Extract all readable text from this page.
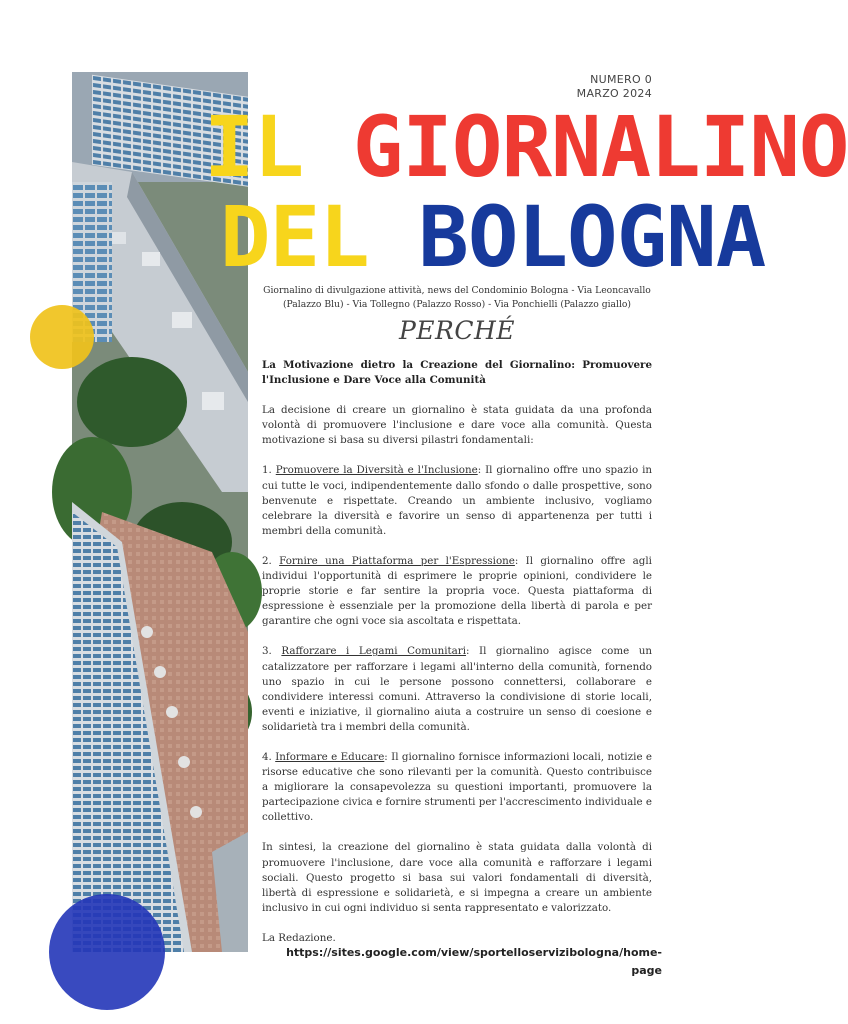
NUMERO 0
MARZO 2024
IL GIORNALINO
DEL BOLOGNA
Giornalino di divulgazione attività, news del Condominio Bologna - Via Leoncavallo (Palazzo Blu) - Via Tollegno (Palazzo Rosso) - Via Ponchielli (Palazzo giallo)
PERCHÉ

La Motivazione dietro la Creazione del Giornalino: Promuovere l'Inclusione e Dare Voce alla Comunità

La decisione di creare un giornalino è stata guidata da una profonda volontà di promuovere l'inclusione e dare voce alla comunità. Questa motivazione si basa su diversi pilastri fondamentali:

1. Promuovere la Diversità e l'Inclusione: Il giornalino offre uno spazio in cui tutte le voci, indipendentemente dallo sfondo o dalle prospettive, sono benvenute e rispettate. Creando un ambiente inclusivo, vogliamo celebrare la diversità e favorire un senso di appartenenza per tutti i membri della comunità.

2. Fornire una Piattaforma per l'Espressione: Il giornalino offre agli individui l'opportunità di esprimere le proprie opinioni, condividere le proprie storie e far sentire la propria voce. Questa piattaforma di espressione è essenziale per la promozione della libertà di parola e per garantire che ogni voce sia ascoltata e rispettata.

3. Rafforzare i Legami Comunitari: Il giornalino agisce come un catalizzatore per rafforzare i legami all'interno della comunità, fornendo uno spazio in cui le persone possono connettersi, collaborare e condividere interessi comuni. Attraverso la condivisione di storie locali, eventi e iniziative, il giornalino aiuta a costruire un senso di coesione e solidarietà tra i membri della comunità.

4. Informare e Educare: Il giornalino fornisce informazioni locali, notizie e risorse educative che sono rilevanti per la comunità. Questo contribuisce a migliorare la consapevolezza su questioni importanti, promuovere la partecipazione civica e fornire strumenti per l'accrescimento individuale e collettivo.

In sintesi, la creazione del giornalino è stata guidata dalla volontà di promuovere l'inclusione, dare voce alla comunità e rafforzare i legami sociali. Questo progetto si basa sui valori fondamentali di diversità, libertà di espressione e solidarietà, e si impegna a creare un ambiente inclusivo in cui ogni individuo si senta rappresentato e valorizzato.

La Redazione.

https://sites.google.com/view/sportelloservizibologna/home-page
